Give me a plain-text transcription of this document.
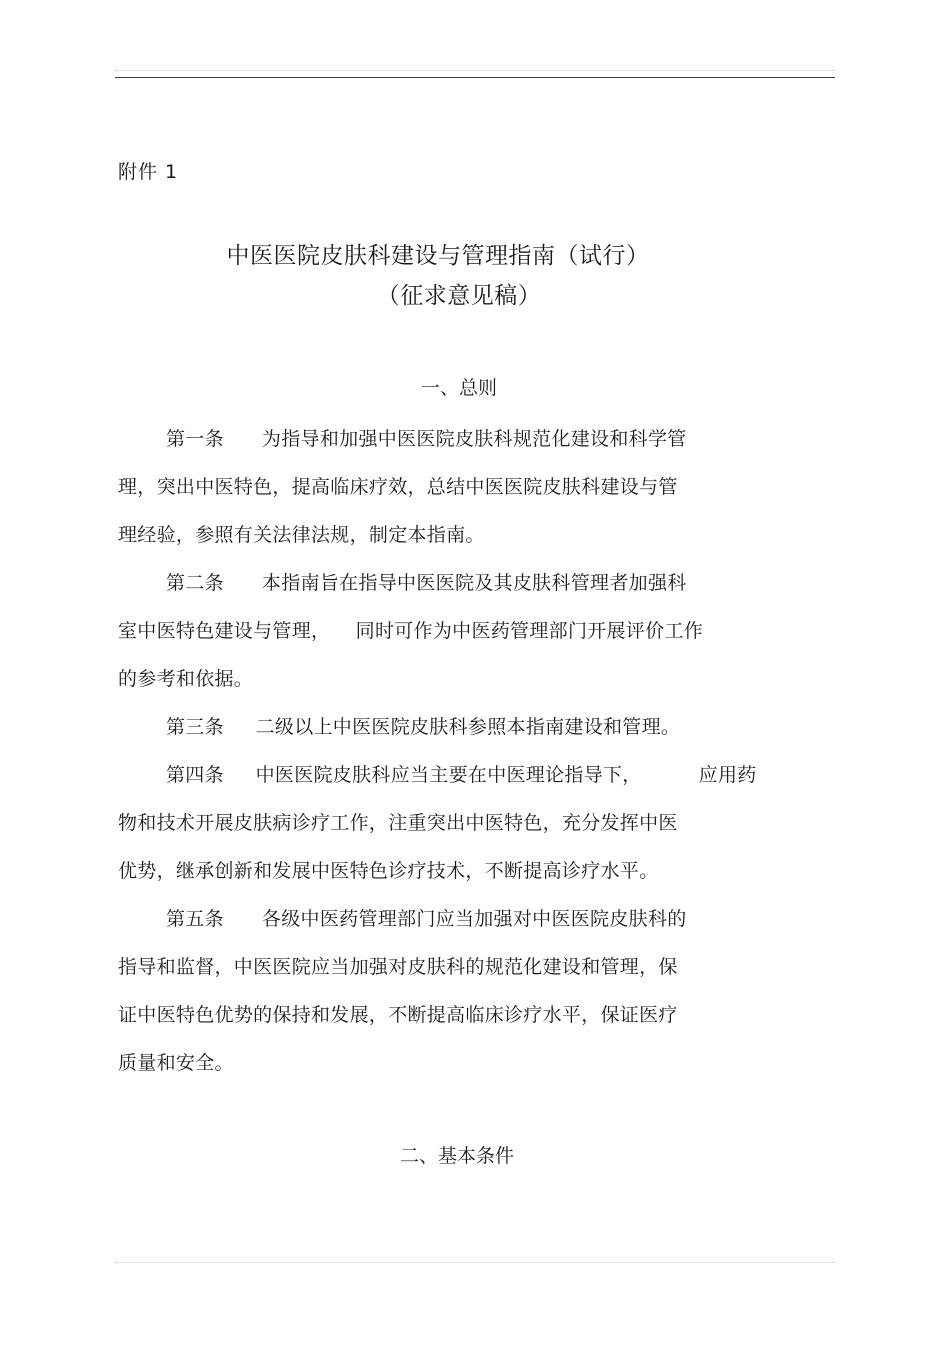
附件 1
中医医院皮肤科建设与管理指南（试行）
（征求意见稿）
一、总则
第一条      为指导和加强中医医院皮肤科规范化建设和科学管
理，突出中医特色，提高临床疗效，总结中医医院皮肤科建设与管
理经验，参照有关法律法规，制定本指南。
第二条      本指南旨在指导中医医院及其皮肤科管理者加强科
室中医特色建设与管理，    同时可作为中医药管理部门开展评价工作
的参考和依据。
第三条     二级以上中医医院皮肤科参照本指南建设和管理。
第四条     中医医院皮肤科应当主要在中医理论指导下，         应用药
物和技术开展皮肤病诊疗工作，注重突出中医特色，充分发挥中医
优势，继承创新和发展中医特色诊疗技术，不断提高诊疗水平。
第五条      各级中医药管理部门应当加强对中医医院皮肤科的
指导和监督，中医医院应当加强对皮肤科的规范化建设和管理，保
证中医特色优势的保持和发展，不断提高临床诊疗水平，保证医疗
质量和安全。
二、基本条件
